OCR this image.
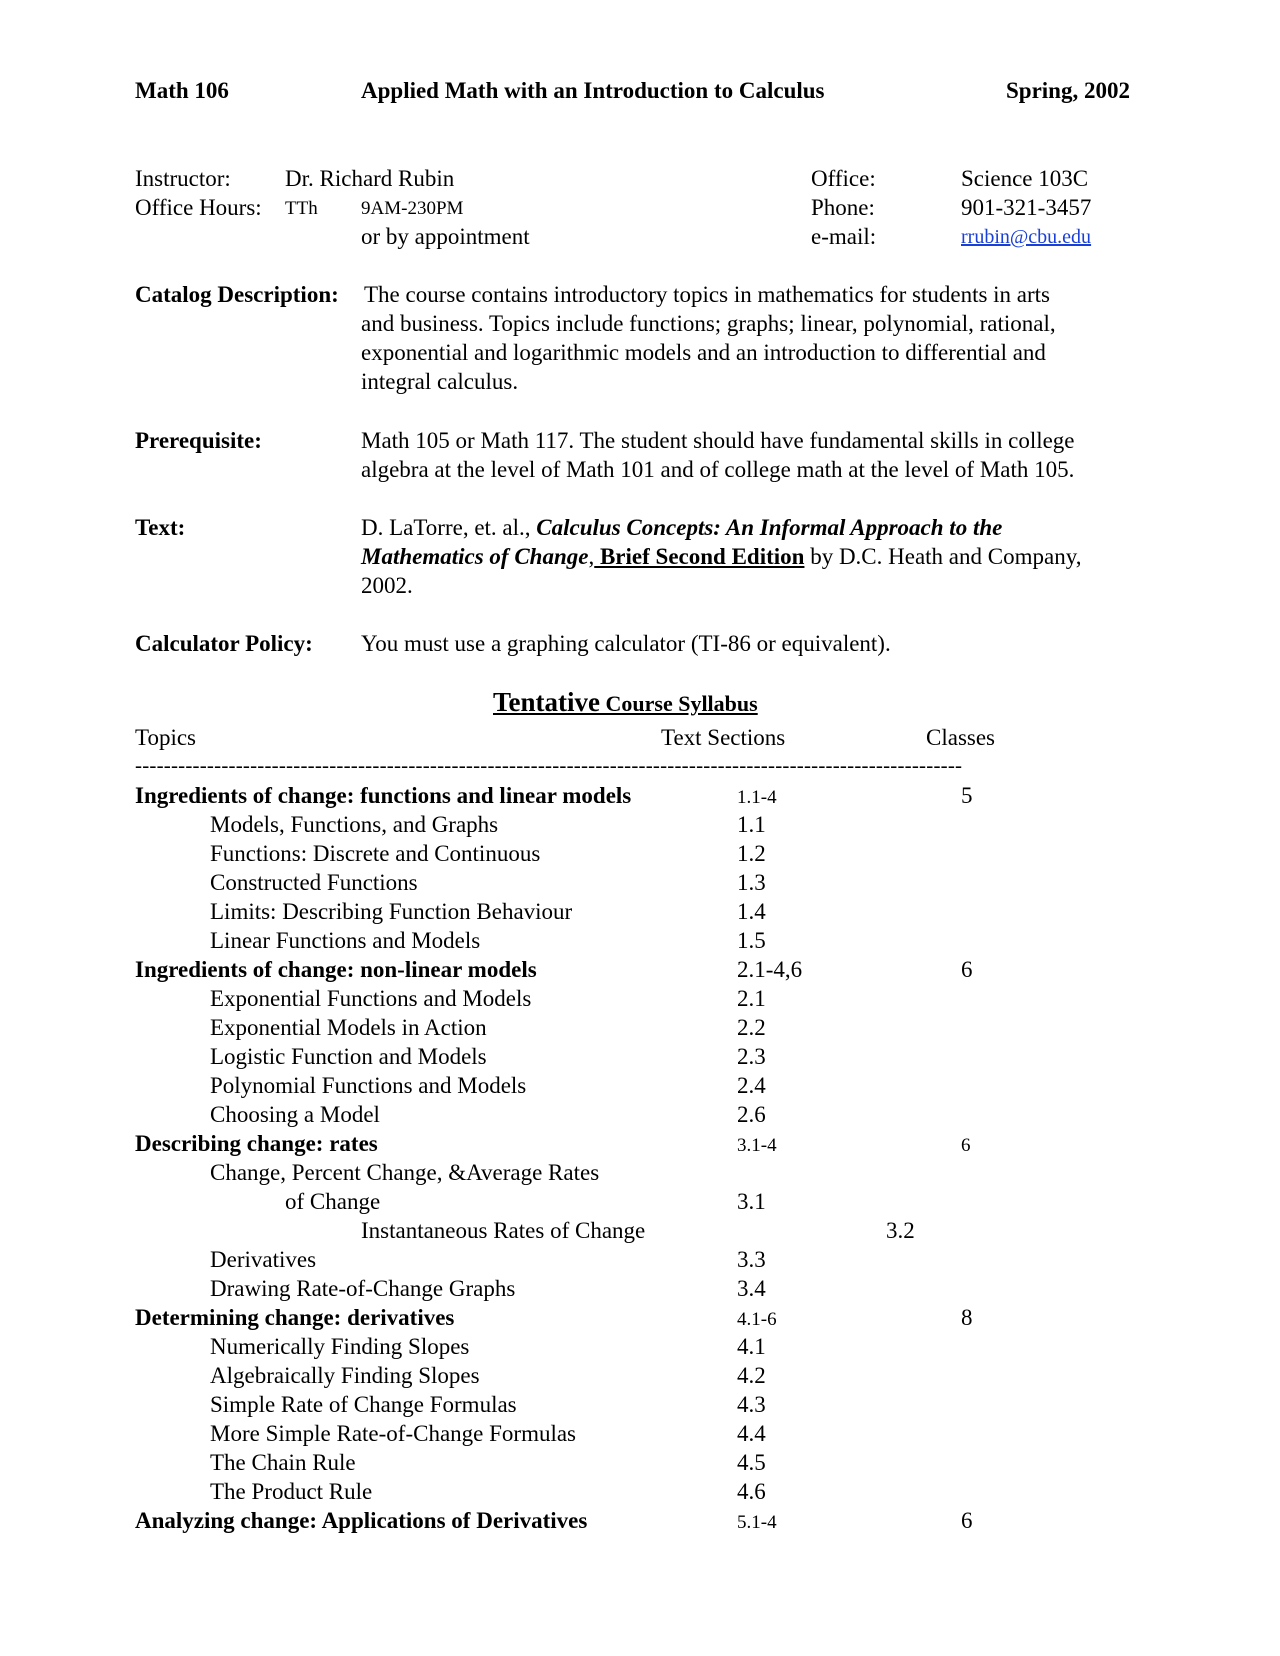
Math 106	Applied Math with an Introduction to Calculus	Spring, 2002
Instructor: Dr. Richard Rubin
Office Hours: TTh 9AM-230PM
or by appointment
Office:	Science 103C
Phone:	901-321-3457
e-mail:	rrubin@cbu.edu
Catalog Description: The course contains introductory topics in mathematics for students in arts
and business. Topics include functions; graphs; linear, polynomial, rational,
exponential and logarithmic models and an introduction to differential and
integral calculus.
Prerequisite:	Math 105 or Math 117. The student should have fundamental skills in college
algebra at the level of Math 101 and of college math at the level of Math 105.
Text:	D. LaTorre, et. al., Calculus Concepts: An Informal Approach to the
Mathematics of Change, Brief Second Edition by D.C. Heath and Company,
2002.
Calculator Policy: You must use a graphing calculator (TI-86 or equivalent).
Tentative Course Syllabus
Topics	Text Sections	Classes
-------------------------------------------------------------------------------------------------------------------
Ingredients of change: functions and linear models	1.1-4	5
Models, Functions, and Graphs	1.1
Functions: Discrete and Continuous	1.2
Constructed Functions	1.3
Limits: Describing Function Behaviour	1.4
Linear Functions and Models	1.5
Ingredients of change: non-linear models	2.1-4,6	6
Exponential Functions and Models	2.1
Exponential Models in Action	2.2
Logistic Function and Models	2.3
Polynomial Functions and Models	2.4
Choosing a Model	2.6
Describing change: rates	3.1-4	6
Change, Percent Change, &Average Rates
of Change	3.1
Instantaneous Rates of Change	3.2
Derivatives	3.3
Drawing Rate-of-Change Graphs	3.4
Determining change: derivatives	4.1-6	8
Numerically Finding Slopes	4.1
Algebraically Finding Slopes	4.2
Simple Rate of Change Formulas	4.3
More Simple Rate-of-Change Formulas	4.4
The Chain Rule	4.5
The Product Rule	4.6
Analyzing change: Applications of Derivatives	5.1-4	6
